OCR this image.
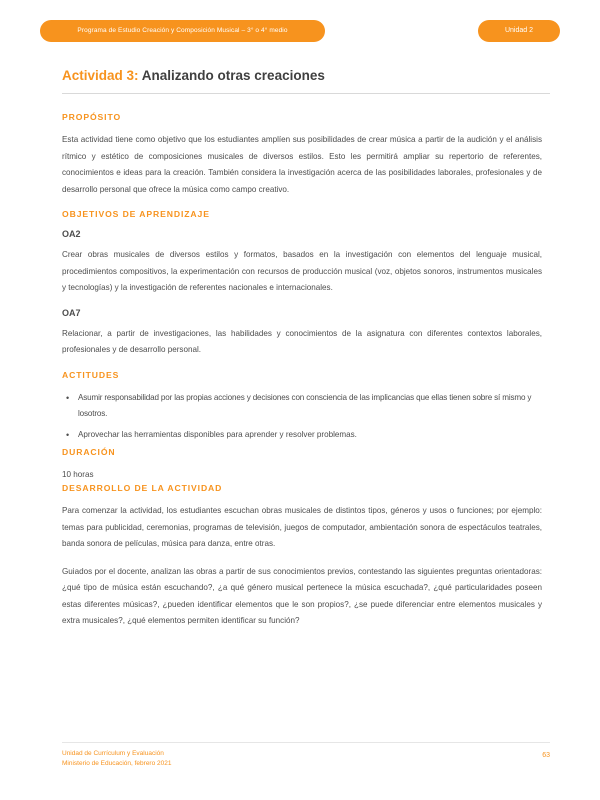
Programa de Estudio Creación y Composición Musical – 3° o 4° medio	Unidad 2
Actividad 3: Analizando otras creaciones
PROPÓSITO

Esta actividad tiene como objetivo que los estudiantes amplíen sus posibilidades de crear música a partir de la audición y el análisis rítmico y estético de composiciones musicales de diversos estilos. Esto les permitirá ampliar su repertorio de referentes, conocimientos e ideas para la creación. También considera la investigación acerca de las posibilidades laborales, profesionales y de desarrollo personal que ofrece la música como campo creativo.

OBJETIVOS DE APRENDIZAJE
OA2

Crear obras musicales de diversos estilos y formatos, basados en la investigación con elementos del lenguaje musical, procedimientos compositivos, la experimentación con recursos de producción musical (voz, objetos sonoros, instrumentos musicales y tecnologías) y la investigación de referentes nacionales e internacionales.

OA7

Relacionar, a partir de investigaciones, las habilidades y conocimientos de la asignatura con diferentes contextos laborales, profesionales y de desarrollo personal.

ACTITUDES
• Asumir responsabilidad por las propias acciones y decisiones con consciencia de las implicancias que ellas tienen sobre sí mismo y losotros.
• Aprovechar las herramientas disponibles para aprender y resolver problemas.
DURACIÓN

10 horas

DESARROLLO DE LA ACTIVIDAD

Para comenzar la actividad, los estudiantes escuchan obras musicales de distintos tipos, géneros y usos o funciones; por ejemplo: temas para publicidad, ceremonias, programas de televisión, juegos de computador, ambientación sonora de espectáculos teatrales, banda sonora de películas, música para danza, entre otras.

Guiados por el docente, analizan las obras a partir de sus conocimientos previos, contestando las siguientes preguntas orientadoras: ¿qué tipo de música están escuchando?, ¿a qué género musical pertenece la música escuchada?, ¿qué particularidades poseen estas diferentes músicas?, ¿pueden identificar elementos que le son propios?, ¿se puede diferenciar entre elementos musicales y extra musicales?, ¿qué elementos permiten identificar su función?

Unidad de Currículum y Evaluación
Ministerio de Educación, febrero 2021
63
